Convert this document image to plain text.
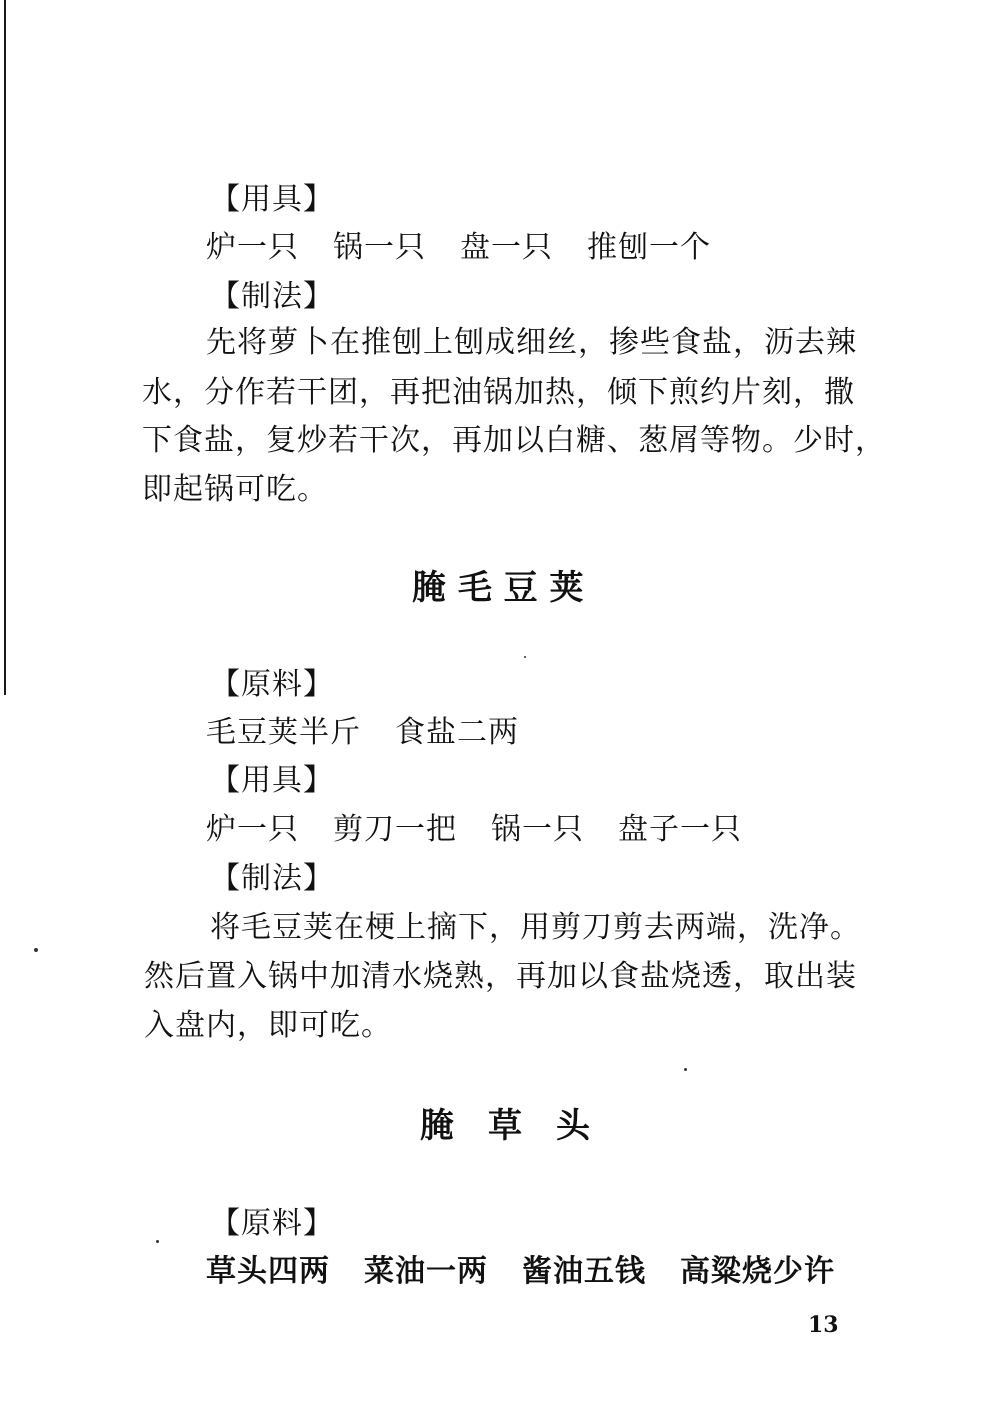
【用具】
炉一只 锅一只 盘一只 推刨一个
【制法】
先将萝卜在推刨上刨成细丝，掺些食盐，沥去辣
水，分作若干团，再把油锅加热，倾下煎约片刻，撒
下食盐，复炒若干次，再加以白糖、葱屑等物。少时，
即起锅可吃。
腌 毛 豆 荚
【原料】
毛豆荚半斤 食盐二两
【用具】
炉一只 剪刀一把 锅一只 盘子一只
【制法】
将毛豆荚在梗上摘下，用剪刀剪去两端，洗净。
然后置入锅中加清水烧熟，再加以食盐烧透，取出装
入盘内，即可吃。
腌　草　头
【原料】
草头四两 菜油一两 酱油五钱 高粱烧少许
13
